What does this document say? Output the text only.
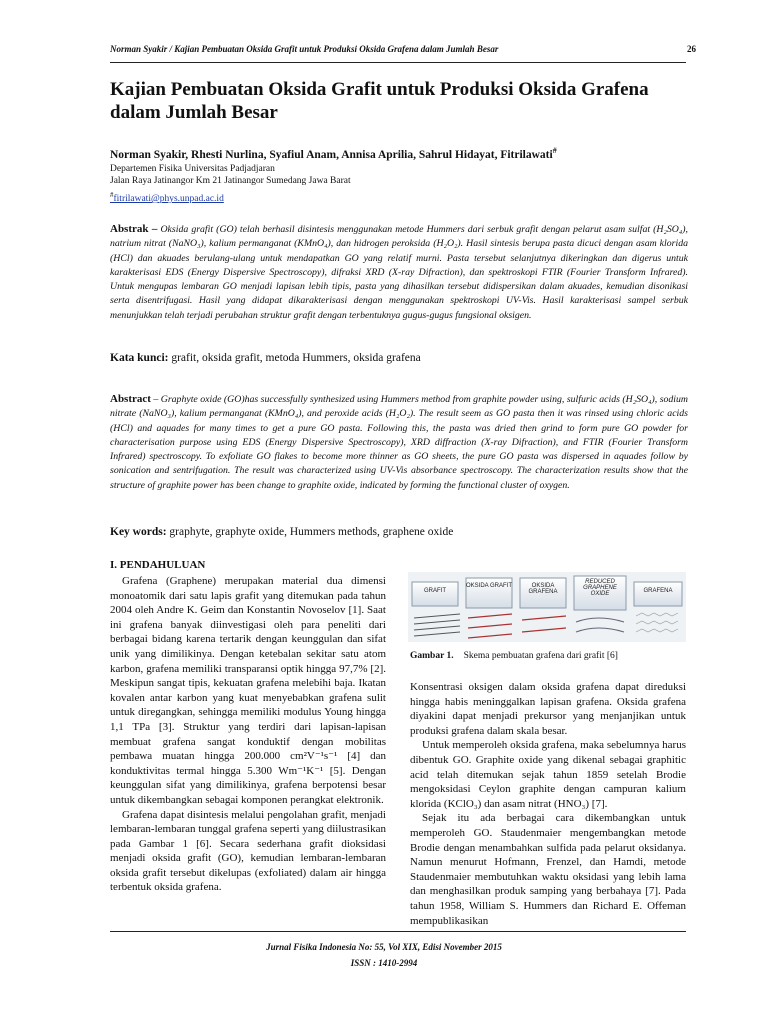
Norman Syakir / Kajian Pembuatan Oksida Grafit untuk Produksi Oksida Grafena dalam Jumlah Besar	26
Kajian Pembuatan Oksida Grafit untuk Produksi Oksida Grafena dalam Jumlah Besar
Norman Syakir, Rhesti Nurlina, Syafiul Anam, Annisa Aprilia, Sahrul Hidayat, Fitrilawati#
Departemen Fisika Universitas Padjadjaran
Jalan Raya Jatinangor Km 21 Jatinangor Sumedang Jawa Barat
#fitrilawati@phys.unpad.ac.id
Abstrak – Oksida grafit (GO) telah berhasil disintesis menggunakan metode Hummers dari serbuk grafit dengan pelarut asam sulfat (H₂SO₄), natrium nitrat (NaNO₃), kalium permanganat (KMnO₄), dan hidrogen peroksida (H₂O₂). Hasil sintesis berupa pasta dicuci dengan asam klorida (HCl) dan akuades berulang-ulang untuk mendapatkan GO yang relatif murni. Pasta tersebut selanjutnya dikeringkan dan digerus untuk karakterisasi EDS (Energy Dispersive Spectroscopy), difraksi XRD (X-ray Difraction), dan spektroskopi FTIR (Fourier Transform Infrared). Untuk mengupas lembaran GO menjadi lapisan lebih tipis, pasta yang dihasilkan tersebut didispersikan dalam akuades, kemudian disonikasi serta disentrifugasi. Hasil yang didapat dikarakterisasi dengan menggunakan spektroskopi UV-Vis. Hasil karakterisasi sampel serbuk menunjukkan telah terjadi perubahan struktur grafit dengan terbentuknya gugus-gugus fungsional oksigen.
Kata kunci: grafit, oksida grafit, metoda Hummers, oksida grafena
Abstract – Graphyte oxide (GO)has successfully synthesized using Hummers method from graphite powder using, sulfuric acids (H₂SO₄), sodium nitrate (NaNO₃), kalium permanganat (KMnO₄), and peroxide acids (H₂O₂). The result seem as GO pasta then it was rinsed using chloric acids (HCl) and aquades for many times to get a pure GO pasta. Following this, the pasta was dried then grind to form pure GO powder for characterisation purpose using EDS (Energy Dispersive Spectroscopy), XRD diffraction (X-ray Difraction), and FTIR (Fourier Transform Infrared) spectroscopy. To exfoliate GO flakes to become more thinner as GO sheets, the pure GO pasta was dispersed in aquades follow by sonication and sentrifugation. The result was characterized using UV-Vis absorbance spectroscopy. The characterization results show that the structure of graphite power has been change to graphite oxide, indicated by forming the functional cluster of oxygen.
Key words: graphyte, graphyte oxide, Hummers methods, graphene oxide
I. PENDAHULUAN

Grafena (Graphene) merupakan material dua dimensi monoatomik dari satu lapis grafit yang ditemukan pada tahun 2004 oleh Andre K. Geim dan Konstantin Novoselov [1]. Saat ini grafena banyak diinvestigasi oleh para peneliti dari berbagai bidang karena tertarik dengan keunggulan dan sifat unik yang dimilikinya. Dengan ketebalan sekitar satu atom karbon, grafena memiliki transparansi optik hingga 97,7% [2]. Meskipun sangat tipis, kekuatan grafena melebihi baja. Ikatan kovalen antar karbon yang kuat menyebabkan grafena sulit untuk diregangkan, sehingga memiliki modulus Young hingga 1,1 TPa [3]. Struktur yang terdiri dari lapisan-lapisan membuat grafena sangat konduktif dengan mobilitas pembawa muatan hingga 200.000 cm²V⁻¹s⁻¹ [4] dan konduktivitas termal hingga 5.300 Wm⁻¹K⁻¹ [5]. Dengan keunggulan sifat yang dimilikinya, grafena berpotensi besar untuk dikembangkan sebagai komponen perangkat elektronik.

Grafena dapat disintesis melalui pengolahan grafit, menjadi lembaran-lembaran tunggal grafena seperti yang diilustrasikan pada Gambar 1 [6]. Secara sederhana grafit dioksidasi menjadi oksida grafit (GO), kemudian lembaran-lembaran oksida grafit tersebut dikelupas (exfoliated) dalam air hingga terbentuk oksida grafena.

GRAFIT
OKSIDA GRAFIT	OKSIDA GRAFENA
REDUCED GRAPHENE OXIDE	GRAFENA
Gambar 1. Skema pembuatan grafena dari grafit [6]

Konsentrasi oksigen dalam oksida grafena dapat direduksi hingga habis meninggalkan lapisan grafena. Oksida grafena diyakini dapat menjadi prekursor yang menjanjikan untuk produksi grafena dalam skala besar.

Untuk memperoleh oksida grafena, maka sebelumnya harus dibentuk GO. Graphite oxide yang dikenal sebagai graphitic acid telah ditemukan sejak tahun 1859 setelah Brodie mengoksidasi Ceylon graphite dengan campuran kalium klorida (KClO₃) dan asam nitrat (HNO₃) [7].

Sejak itu ada berbagai cara dikembangkan untuk memperoleh GO. Staudenmaier mengembangkan metode Brodie dengan menambahkan sulfida pada pelarut oksidanya. Namun menurut Hofmann, Frenzel, dan Hamdi, metode Staudenmaier membutuhkan waktu oksidasi yang lebih lama dan menghasilkan produk samping yang berbahaya [7]. Pada tahun 1958, William S. Hummers dan Richard E. Offeman mempublikasikan

Jurnal Fisika Indonesia No: 55, Vol XIX, Edisi November 2015
ISSN : 1410-2994
